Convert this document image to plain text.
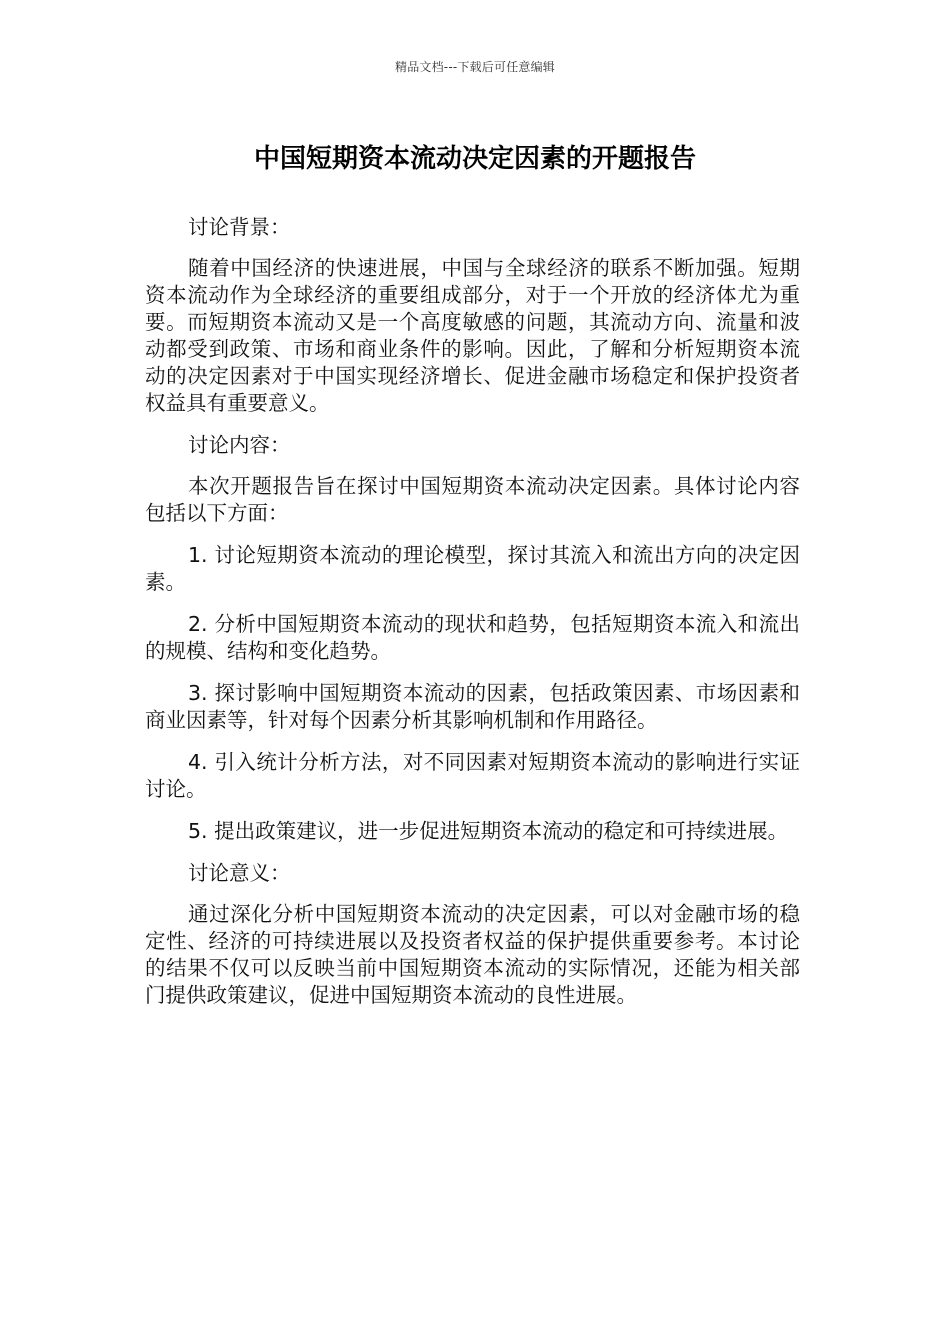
精品文档---下载后可任意编辑
中国短期资本流动决定因素的开题报告

讨论背景：

随着中国经济的快速进展，中国与全球经济的联系不断加强。短期资本流动作为全球经济的重要组成部分，对于一个开放的经济体尤为重要。而短期资本流动又是一个高度敏感的问题，其流动方向、流量和波动都受到政策、市场和商业条件的影响。因此，了解和分析短期资本流动的决定因素对于中国实现经济增长、促进金融市场稳定和保护投资者权益具有重要意义。

讨论内容：

本次开题报告旨在探讨中国短期资本流动决定因素。具体讨论内容包括以下方面：

1. 讨论短期资本流动的理论模型，探讨其流入和流出方向的决定因素。

2. 分析中国短期资本流动的现状和趋势，包括短期资本流入和流出的规模、结构和变化趋势。

3. 探讨影响中国短期资本流动的因素，包括政策因素、市场因素和商业因素等，针对每个因素分析其影响机制和作用路径。

4. 引入统计分析方法，对不同因素对短期资本流动的影响进行实证讨论。

5. 提出政策建议，进一步促进短期资本流动的稳定和可持续进展。

讨论意义：

通过深化分析中国短期资本流动的决定因素，可以对金融市场的稳定性、经济的可持续进展以及投资者权益的保护提供重要参考。本讨论的结果不仅可以反映当前中国短期资本流动的实际情况，还能为相关部门提供政策建议，促进中国短期资本流动的良性进展。
